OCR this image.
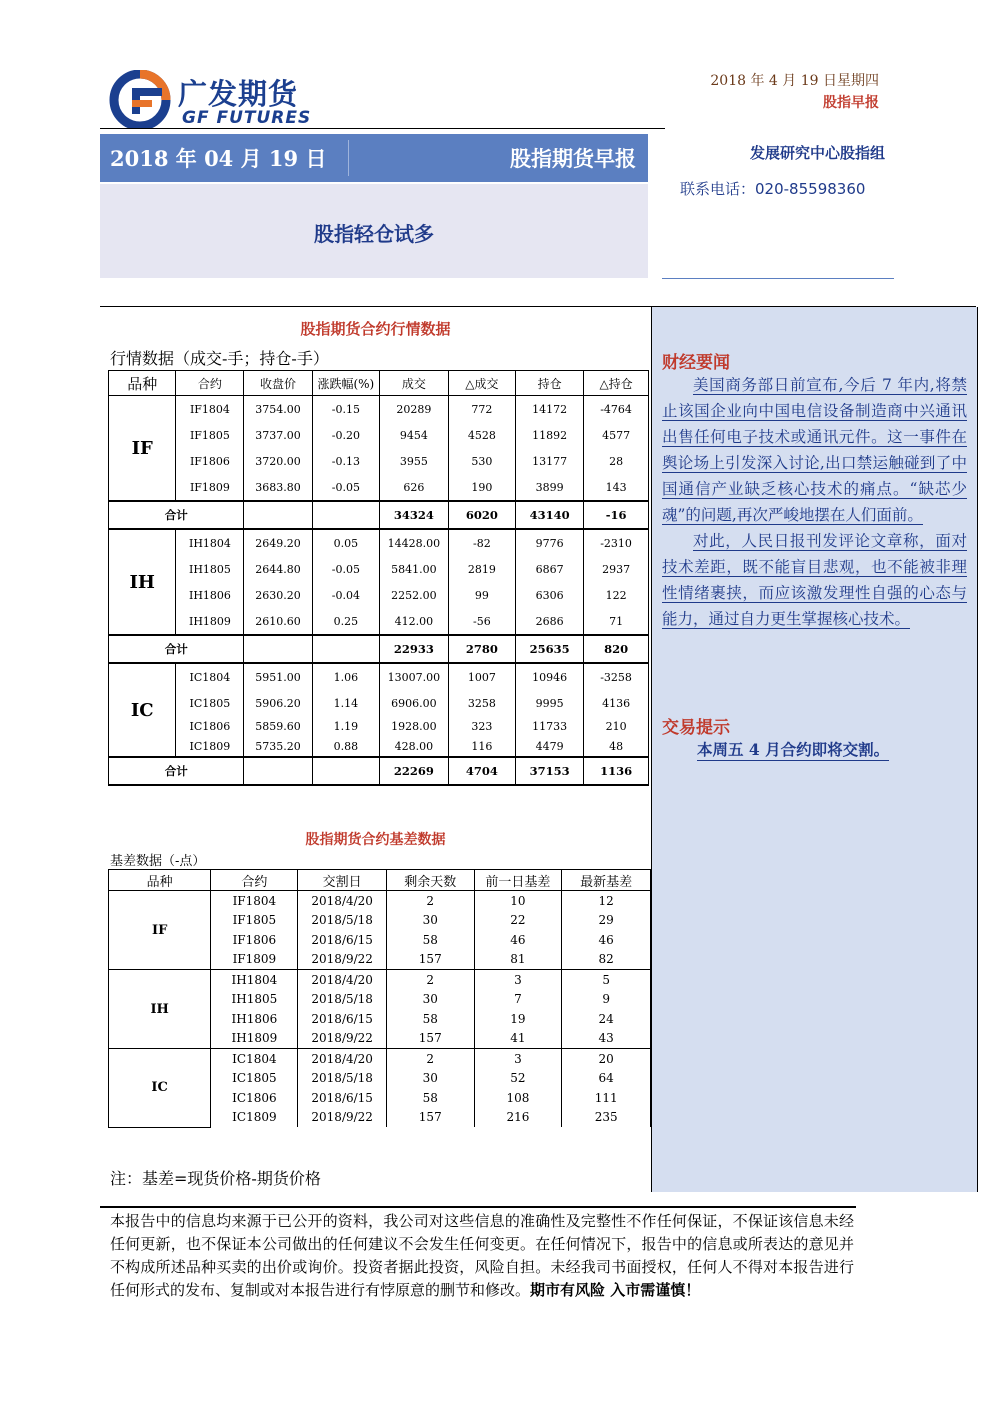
广发期货
GF FUTURES
2018 年 4 月 19 日星期四
股指早报
2018 年 04 月 19 日	股指期货早报
股指轻仓试多
发展研究中心股指组
联系电话：020-85598360
股指期货合约行情数据
行情数据（成交-手；持仓-手）
品种	合约	收盘价	涨跌幅(%)	成交	△成交	持仓	△持仓
IF	IF1804	3754.00	-0.15	20289	772	14172	-4764
	IF1805	3737.00	-0.20	9454	4528	11892	4577
	IF1806	3720.00	-0.13	3955	530	13177	28
	IF1809	3683.80	-0.05	626	190	3899	143
合计				34324	6020	43140	-16
IH	IH1804	2649.20	0.05	14428.00	-82	9776	-2310
	IH1805	2644.80	-0.05	5841.00	2819	6867	2937
	IH1806	2630.20	-0.04	2252.00	99	6306	122
	IH1809	2610.60	0.25	412.00	-56	2686	71
合计				22933	2780	25635	820
IC	IC1804	5951.00	1.06	13007.00	1007	10946	-3258
	IC1805	5906.20	1.14	6906.00	3258	9995	4136
	IC1806	5859.60	1.19	1928.00	323	11733	210
	IC1809	5735.20	0.88	428.00	116	4479	48
合计				22269	4704	37153	1136
股指期货合约基差数据
基差数据（-点）
品种	合约	交割日	剩余天数	前一日基差	最新基差
IF	IF1804	2018/4/20	2	10	12
	IF1805	2018/5/18	30	22	29
	IF1806	2018/6/15	58	46	46
	IF1809	2018/9/22	157	81	82
IH	IH1804	2018/4/20	2	3	5
	IH1805	2018/5/18	30	7	9
	IH1806	2018/6/15	58	19	24
	IH1809	2018/9/22	157	41	43
IC	IC1804	2018/4/20	2	3	20
	IC1805	2018/5/18	30	52	64
	IC1806	2018/6/15	58	108	111
	IC1809	2018/9/22	157	216	235
注：基差=现货价格-期货价格
财经要闻

美国商务部日前宣布,今后 7 年内,将禁止该国企业向中国电信设备制造商中兴通讯出售任何电子技术或通讯元件。这一事件在舆论场上引发深入讨论,出口禁运触碰到了中国通信产业缺乏核心技术的痛点。“缺芯少魂”的问题,再次严峻地摆在人们面前。

对此，人民日报刊发评论文章称，面对技术差距，既不能盲目悲观，也不能被非理性情绪裹挟，而应该激发理性自强的心态与能力，通过自力更生掌握核心技术。

交易提示
本周五 4 月合约即将交割。
本报告中的信息均来源于已公开的资料，我公司对这些信息的准确性及完整性不作任何保证，不保证该信息未经任何更新，也不保证本公司做出的任何建议不会发生任何变更。在任何情况下，报告中的信息或所表达的意见并不构成所述品种买卖的出价或询价。投资者据此投资，风险自担。未经我司书面授权，任何人不得对本报告进行任何形式的发布、复制或对本报告进行有悖原意的删节和修改。期市有风险 入市需谨慎！
